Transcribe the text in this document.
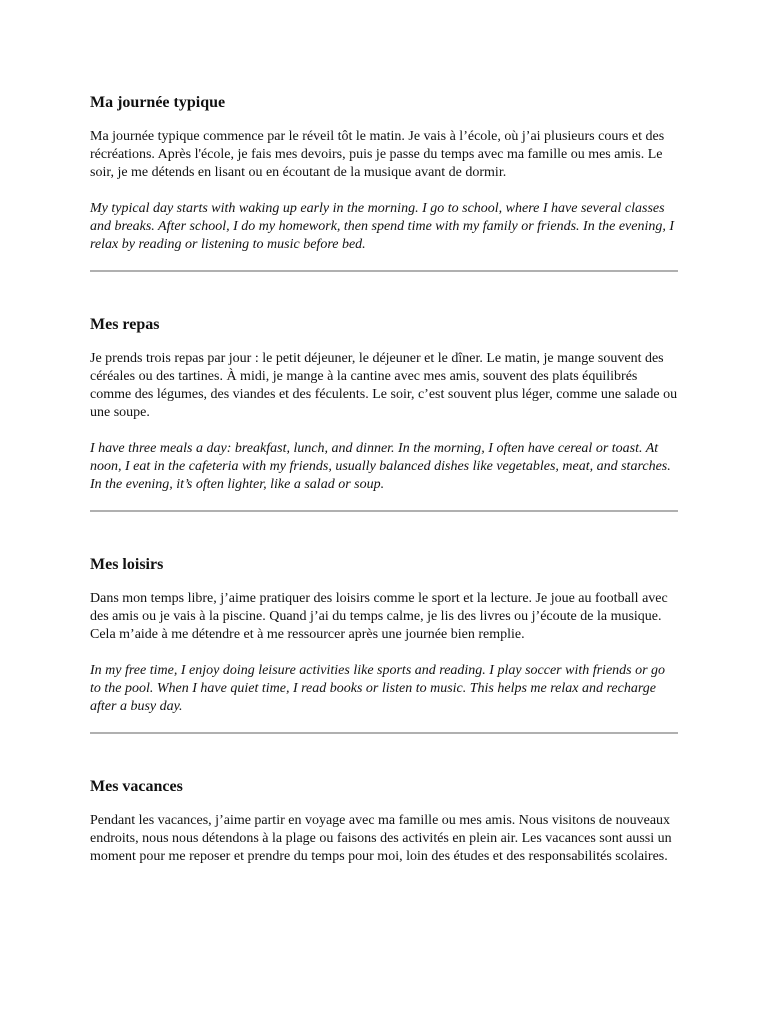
Ma journée typique

Ma journée typique commence par le réveil tôt le matin. Je vais à l’école, où j’ai plusieurs cours et des récréations. Après l'école, je fais mes devoirs, puis je passe du temps avec ma famille ou mes amis. Le soir, je me détends en lisant ou en écoutant de la musique avant de dormir.

My typical day starts with waking up early in the morning. I go to school, where I have several classes and breaks. After school, I do my homework, then spend time with my family or friends. In the evening, I relax by reading or listening to music before bed.

Mes repas

Je prends trois repas par jour : le petit déjeuner, le déjeuner et le dîner. Le matin, je mange souvent des céréales ou des tartines. À midi, je mange à la cantine avec mes amis, souvent des plats équilibrés comme des légumes, des viandes et des féculents. Le soir, c’est souvent plus léger, comme une salade ou une soupe.

I have three meals a day: breakfast, lunch, and dinner. In the morning, I often have cereal or toast. At noon, I eat in the cafeteria with my friends, usually balanced dishes like vegetables, meat, and starches. In the evening, it’s often lighter, like a salad or soup.

Mes loisirs

Dans mon temps libre, j’aime pratiquer des loisirs comme le sport et la lecture. Je joue au football avec des amis ou je vais à la piscine. Quand j’ai du temps calme, je lis des livres ou j’écoute de la musique. Cela m’aide à me détendre et à me ressourcer après une journée bien remplie.

In my free time, I enjoy doing leisure activities like sports and reading. I play soccer with friends or go to the pool. When I have quiet time, I read books or listen to music. This helps me relax and recharge after a busy day.

Mes vacances

Pendant les vacances, j’aime partir en voyage avec ma famille ou mes amis. Nous visitons de nouveaux endroits, nous nous détendons à la plage ou faisons des activités en plein air. Les vacances sont aussi un moment pour me reposer et prendre du temps pour moi, loin des études et des responsabilités scolaires.
